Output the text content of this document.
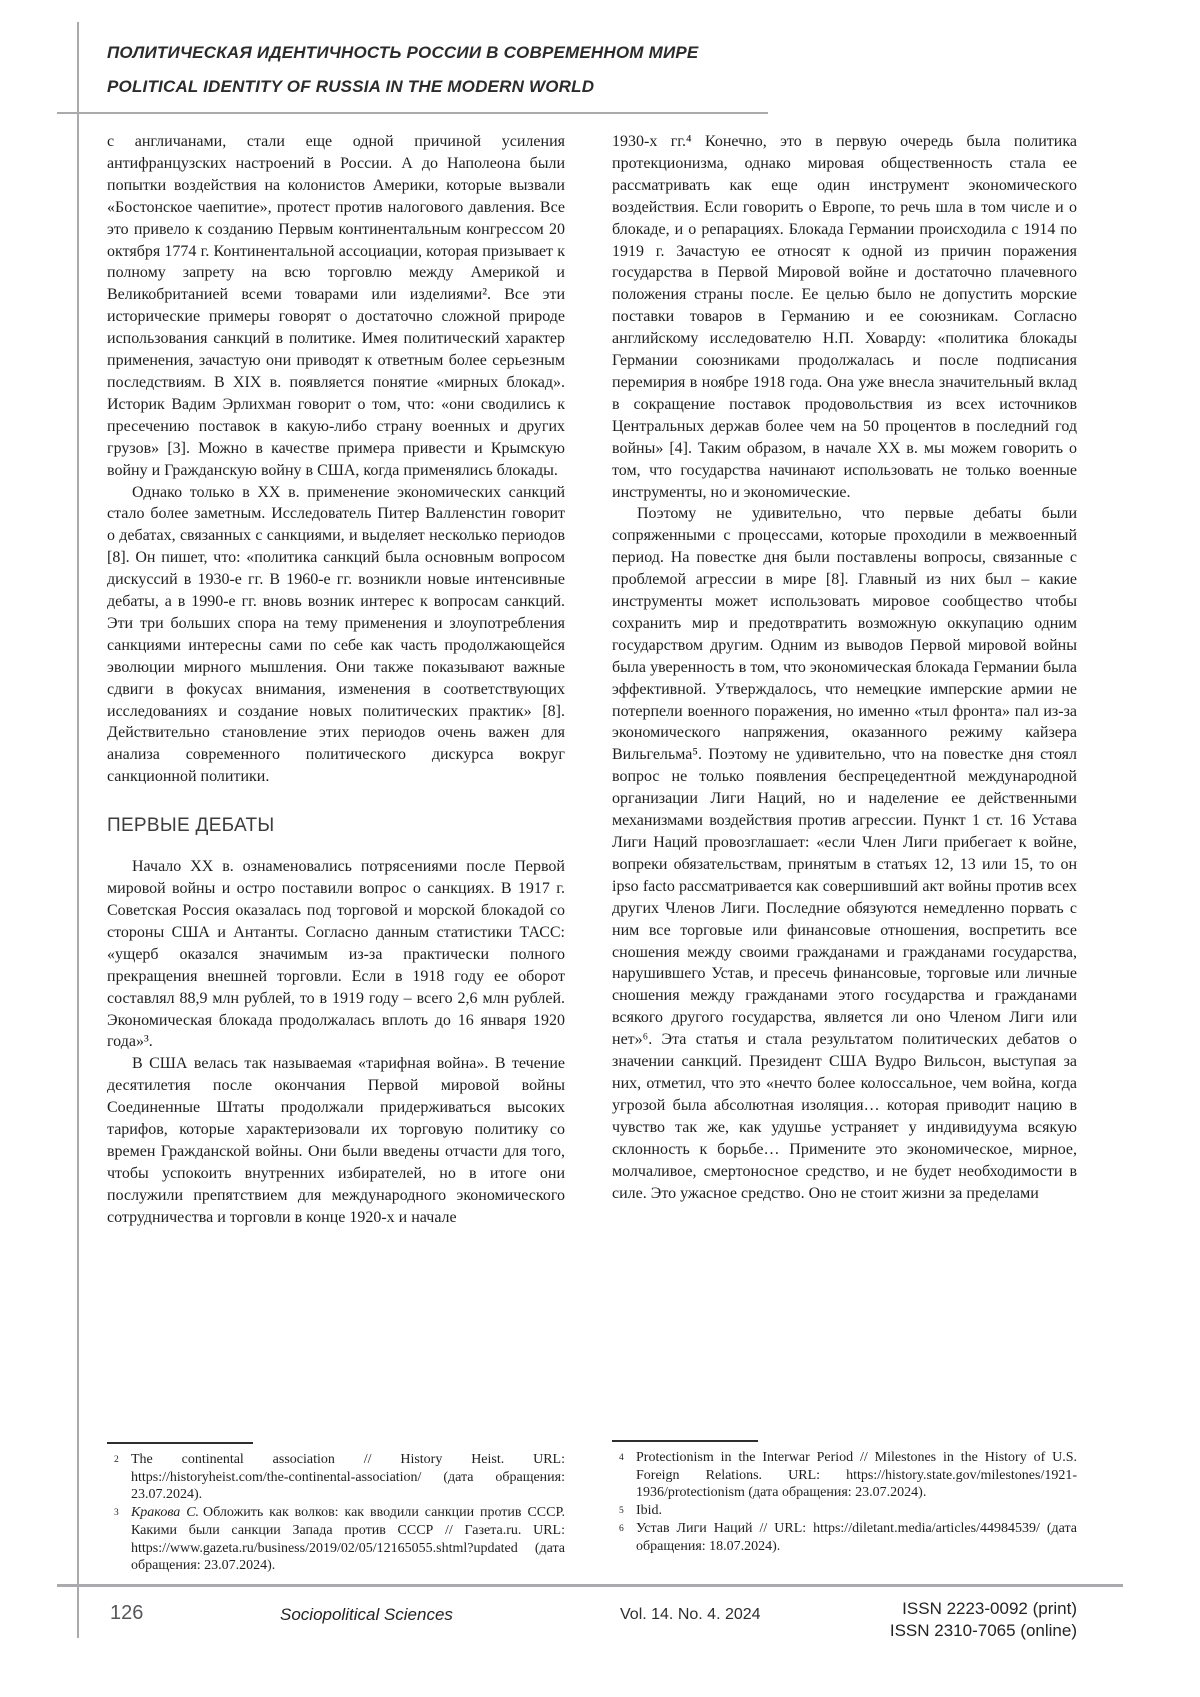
ПОЛИТИЧЕСКАЯ ИДЕНТИЧНОСТЬ РОССИИ В СОВРЕМЕННОМ МИРЕ
POLITICAL IDENTITY OF RUSSIA IN THE MODERN WORLD

с англичанами, стали еще одной причиной усиления антифранцузских настроений в России. А до Наполеона были попытки воздействия на колонистов Америки, которые вызвали «Бостонское чаепитие», протест против налогового давления. Все это привело к созданию Первым континентальным конгрессом 20 октября 1774 г. Континентальной ассоциации, которая призывает к полному запрету на всю торговлю между Америкой и Великобританией всеми товарами или изделиями². Все эти исторические примеры говорят о достаточно сложной природе использования санкций в политике. Имея политический характер применения, зачастую они приводят к ответным более серьезным последствиям. В XIX в. появляется понятие «мирных блокад». Историк Вадим Эрлихман говорит о том, что: «они сводились к пресечению поставок в какую-либо страну военных и других грузов» [3]. Можно в качестве примера привести и Крымскую войну и Гражданскую войну в США, когда применялись блокады.

Однако только в XX в. применение экономических санкций стало более заметным. Исследователь Питер Валленстин говорит о дебатах, связанных с санкциями, и выделяет несколько периодов [8]. Он пишет, что: «политика санкций была основным вопросом дискуссий в 1930-е гг. В 1960-е гг. возникли новые интенсивные дебаты, а в 1990-е гг. вновь возник интерес к вопросам санкций. Эти три больших спора на тему применения и злоупотребления санкциями интересны сами по себе как часть продолжающейся эволюции мирного мышления. Они также показывают важные сдвиги в фокусах внимания, изменения в соответствующих исследованиях и создание новых политических практик» [8]. Действительно становление этих периодов очень важен для анализа современного политического дискурса вокруг санкционной политики.

ПЕРВЫЕ ДЕБАТЫ

Начало XX в. ознаменовались потрясениями после Первой мировой войны и остро поставили вопрос о санкциях. В 1917 г. Советская Россия оказалась под торговой и морской блокадой со стороны США и Антанты. Согласно данным статистики ТАСС: «ущерб оказался значимым из-за практически полного прекращения внешней торговли. Если в 1918 году ее оборот составлял 88,9 млн рублей, то в 1919 году – всего 2,6 млн рублей. Экономическая блокада продолжалась вплоть до 16 января 1920 года»³.

В США велась так называемая «тарифная война». В течение десятилетия после окончания Первой мировой войны Соединенные Штаты продолжали придерживаться высоких тарифов, которые характеризовали их торговую политику со времен Гражданской войны. Они были введены отчасти для того, чтобы успокоить внутренних избирателей, но в итоге они послужили препятствием для международного экономического сотрудничества и торговли в конце 1920-х и начале

1930-х гг.⁴ Конечно, это в первую очередь была политика протекционизма, однако мировая общественность стала ее рассматривать как еще один инструмент экономического воздействия. Если говорить о Европе, то речь шла в том числе и о блокаде, и о репарациях. Блокада Германии происходила с 1914 по 1919 г. Зачастую ее относят к одной из причин поражения государства в Первой Мировой войне и достаточно плачевного положения страны после. Ее целью было не допустить морские поставки товаров в Германию и ее союзникам. Согласно английскому исследователю Н.П. Ховарду: «политика блокады Германии союзниками продолжалась и после подписания перемирия в ноябре 1918 года. Она уже внесла значительный вклад в сокращение поставок продовольствия из всех источников Центральных держав более чем на 50 процентов в последний год войны» [4]. Таким образом, в начале XX в. мы можем говорить о том, что государства начинают использовать не только военные инструменты, но и экономические.

Поэтому не удивительно, что первые дебаты были сопряженными с процессами, которые проходили в межвоенный период. На повестке дня были поставлены вопросы, связанные с проблемой агрессии в мире [8]. Главный из них был – какие инструменты может использовать мировое сообщество чтобы сохранить мир и предотвратить возможную оккупацию одним государством другим. Одним из выводов Первой мировой войны была уверенность в том, что экономическая блокада Германии была эффективной. Утверждалось, что немецкие имперские армии не потерпели военного поражения, но именно «тыл фронта» пал из-за экономического напряжения, оказанного режиму кайзера Вильгельма⁵. Поэтому не удивительно, что на повестке дня стоял вопрос не только появления беспрецедентной международной организации Лиги Наций, но и наделение ее действенными механизмами воздействия против агрессии. Пункт 1 ст. 16 Устава Лиги Наций провозглашает: «если Член Лиги прибегает к войне, вопреки обязательствам, принятым в статьях 12, 13 или 15, то он ipso facto рассматривается как совершивший акт войны против всех других Членов Лиги. Последние обязуются немедленно порвать с ним все торговые или финансовые отношения, воспретить все сношения между своими гражданами и гражданами государства, нарушившего Устав, и пресечь финансовые, торговые или личные сношения между гражданами этого государства и гражданами всякого другого государства, является ли оно Членом Лиги или нет»⁶. Эта статья и стала результатом политических дебатов о значении санкций. Президент США Вудро Вильсон, выступая за них, отметил, что это «нечто более колоссальное, чем война, когда угрозой была абсолютная изоляция… которая приводит нацию в чувство так же, как удушье устраняет у индивидуума всякую склонность к борьбе… Примените это экономическое, мирное, молчаливое, смертоносное средство, и не будет необходимости в силе. Это ужасное средство. Оно не стоит жизни за пределами

2 The continental association // History Heist. URL: https://historyheist.com/the-continental-association/ (дата обращения: 23.07.2024).
3 Кракова С. Обложить как волков: как вводили санкции против СССР. Какими были санкции Запада против СССР // Газета.ru. URL: https://www.gazeta.ru/business/2019/02/05/12165055.shtml?updated (дата обращения: 23.07.2024).
4 Protectionism in the Interwar Period // Milestones in the History of U.S. Foreign Relations. URL: https://history.state.gov/milestones/1921-1936/protectionism (дата обращения: 23.07.2024).
5 Ibid.
6 Устав Лиги Наций // URL: https://diletant.media/articles/44984539/ (дата обращения: 18.07.2024).
126	Sociopolitical Sciences	Vol. 14. No. 4. 2024	ISSN 2223-0092 (print)
ISSN 2310-7065 (online)
